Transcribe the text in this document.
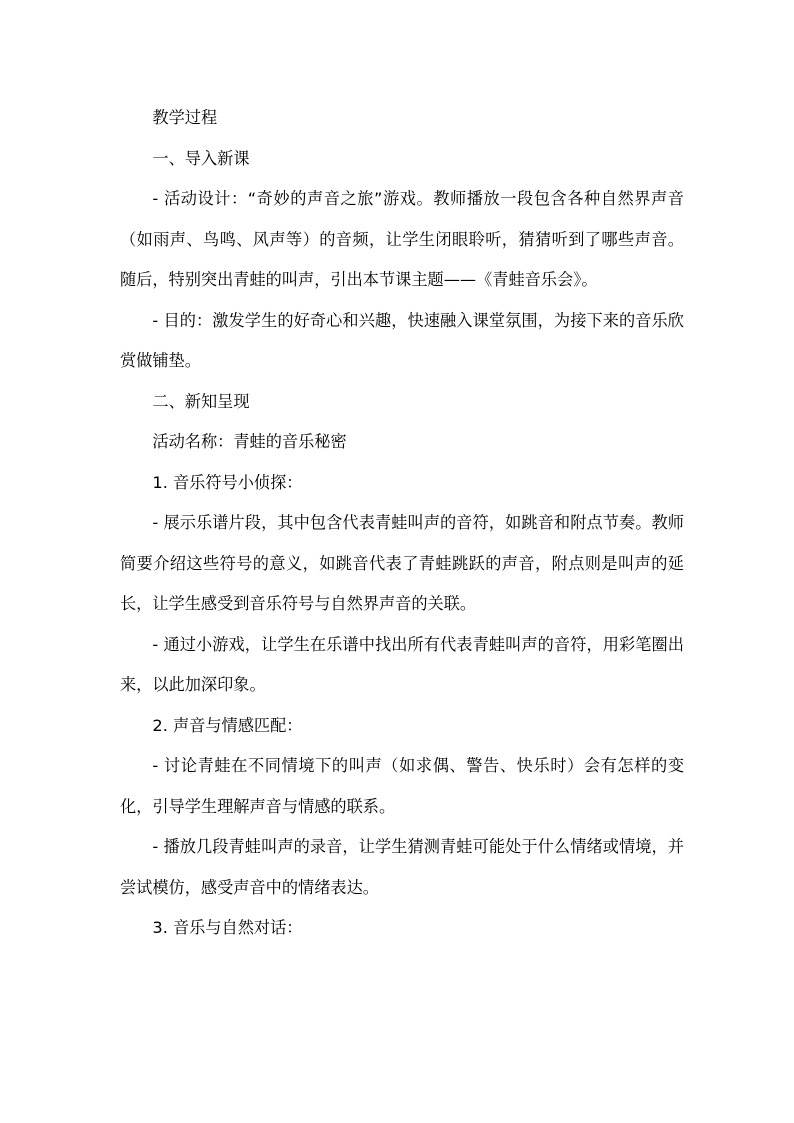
教学过程

一、导入新课

- 活动设计：“奇妙的声音之旅”游戏。教师播放一段包含各种自然界声音（如雨声、鸟鸣、风声等）的音频，让学生闭眼聆听，猜猜听到了哪些声音。随后，特别突出青蛙的叫声，引出本节课主题——《青蛙音乐会》。

- 目的：激发学生的好奇心和兴趣，快速融入课堂氛围，为接下来的音乐欣赏做铺垫。

二、新知呈现

活动名称：青蛙的音乐秘密

1. 音乐符号小侦探：

- 展示乐谱片段，其中包含代表青蛙叫声的音符，如跳音和附点节奏。教师简要介绍这些符号的意义，如跳音代表了青蛙跳跃的声音，附点则是叫声的延长，让学生感受到音乐符号与自然界声音的关联。

- 通过小游戏，让学生在乐谱中找出所有代表青蛙叫声的音符，用彩笔圈出来，以此加深印象。

2. 声音与情感匹配：

- 讨论青蛙在不同情境下的叫声（如求偶、警告、快乐时）会有怎样的变化，引导学生理解声音与情感的联系。

- 播放几段青蛙叫声的录音，让学生猜测青蛙可能处于什么情绪或情境，并尝试模仿，感受声音中的情绪表达。

3. 音乐与自然对话：
